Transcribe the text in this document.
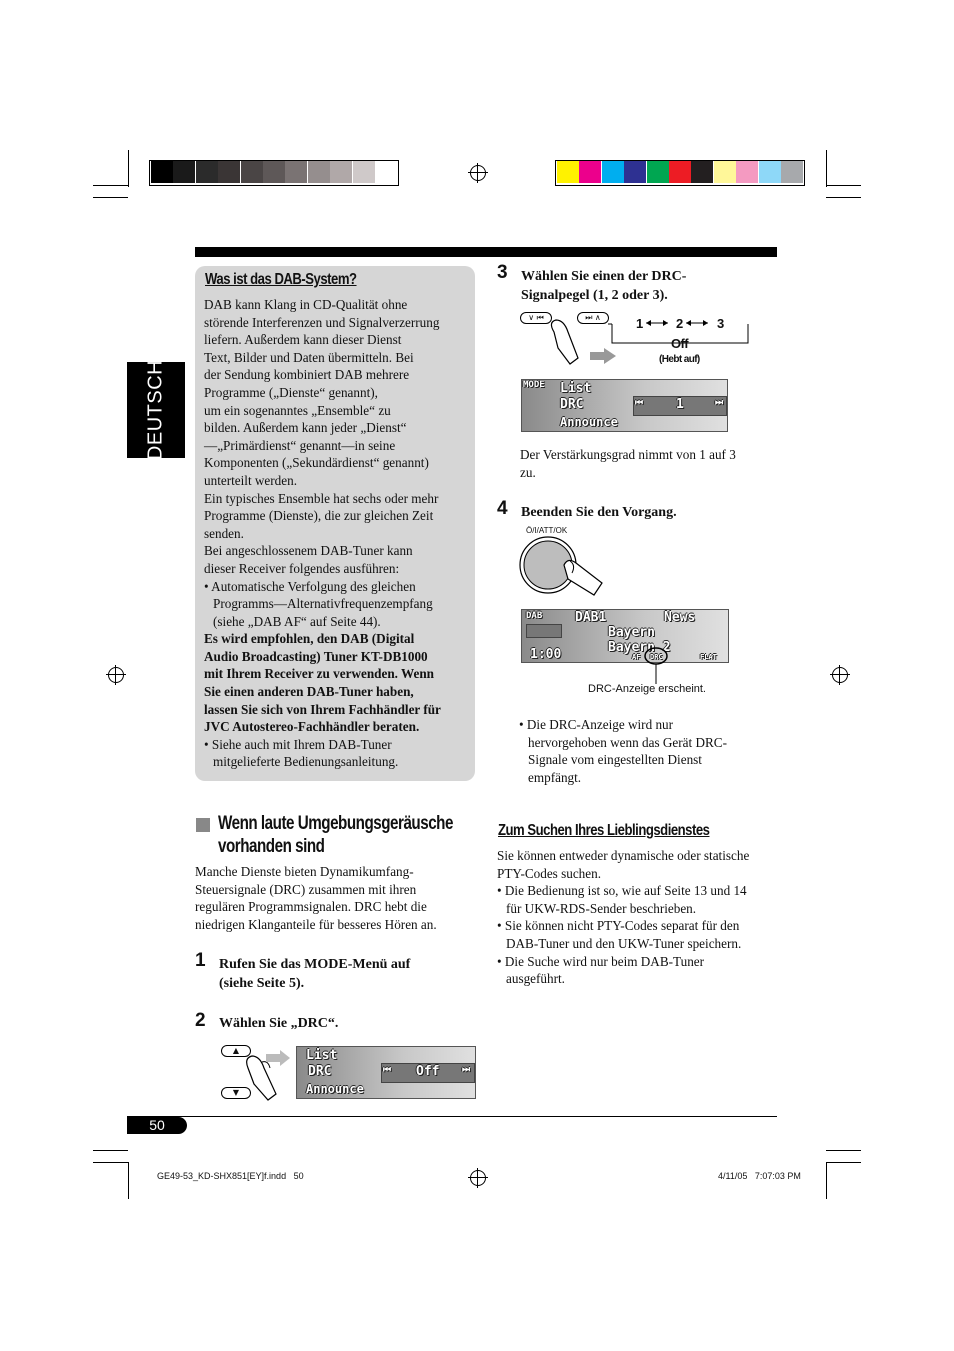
DEUTSCH
Was ist das DAB-System?
DAB kann Klang in CD-Qualität ohne
störende Interferenzen und Signalverzerrung
liefern. Außerdem kann dieser Dienst
Text, Bilder und Daten übermitteln. Bei
der Sendung kombiniert DAB mehrere
Programme („Dienste“ genannt),
um ein sogenanntes „Ensemble“ zu
bilden. Außerdem kann jeder „Dienst“
—„Primärdienst“ genannt—in seine
Komponenten („Sekundärdienst“ genannt)
unterteilt werden.
Ein typisches Ensemble hat sechs oder mehr
Programme (Dienste), die zur gleichen Zeit
senden.
Bei angeschlossenem DAB-Tuner kann
dieser Receiver folgendes ausführen:
• Automatische Verfolgung des gleichen
Programms—Alternativfrequenzempfang
(siehe „DAB AF“ auf Seite 44).
Es wird empfohlen, den DAB (Digital
Audio Broadcasting) Tuner KT-DB1000
mit Ihrem Receiver zu verwenden. Wenn
Sie einen anderen DAB-Tuner haben,
lassen Sie sich von Ihrem Fachhändler für
JVC Autostereo-Fachhändler beraten.
• Siehe auch mit Ihrem DAB-Tuner
mitgelieferte Bedienungsanleitung.
Wenn laute Umgebungsgeräusche
vorhanden sind
Manche Dienste bieten Dynamikumfang-
Steuersignale (DRC) zusammen mit ihren
regulären Programmsignalen. DRC hebt die
niedrigen Klanganteile für besseres Hören an.
1 Rufen Sie das MODE-Menü auf
(siehe Seite 5).
2 Wählen Sie „DRC“.
▲
▼
List
DRC
Announce
⏮ Off	⏭
3 Wählen Sie einen der DRC-
Signalpegel (1, 2 oder 3).
∨ ⏮	⏭ ∧	1	2	3
Off
(Hebt auf)
MODE List
DRC
Announce
⏮	1	⏭
Der Verstärkungsgrad nimmt von 1 auf 3
zu.
4 Beenden Sie den Vorgang.
Ö/I/ATT/OK
DAB	DAB1	News
Bayern
Bayern 2
1:00	AF DRC	FLAT
DRC-Anzeige erscheint.
• Die DRC-Anzeige wird nur
hervorgehoben wenn das Gerät DRC-
Signale vom eingestellten Dienst
empfängt.
Zum Suchen Ihres Lieblingsdienstes
Sie können entweder dynamische oder statische
PTY-Codes suchen.
• Die Bedienung ist so, wie auf Seite 13 und 14
für UKW-RDS-Sender beschrieben.
• Sie können nicht PTY-Codes separat für den
DAB-Tuner und den UKW-Tuner speichern.
• Die Suche wird nur beim DAB-Tuner
ausgeführt.
50
GE49-53_KD-SHX851[EY]f.indd   50	4/11/05   7:07:03 PM
